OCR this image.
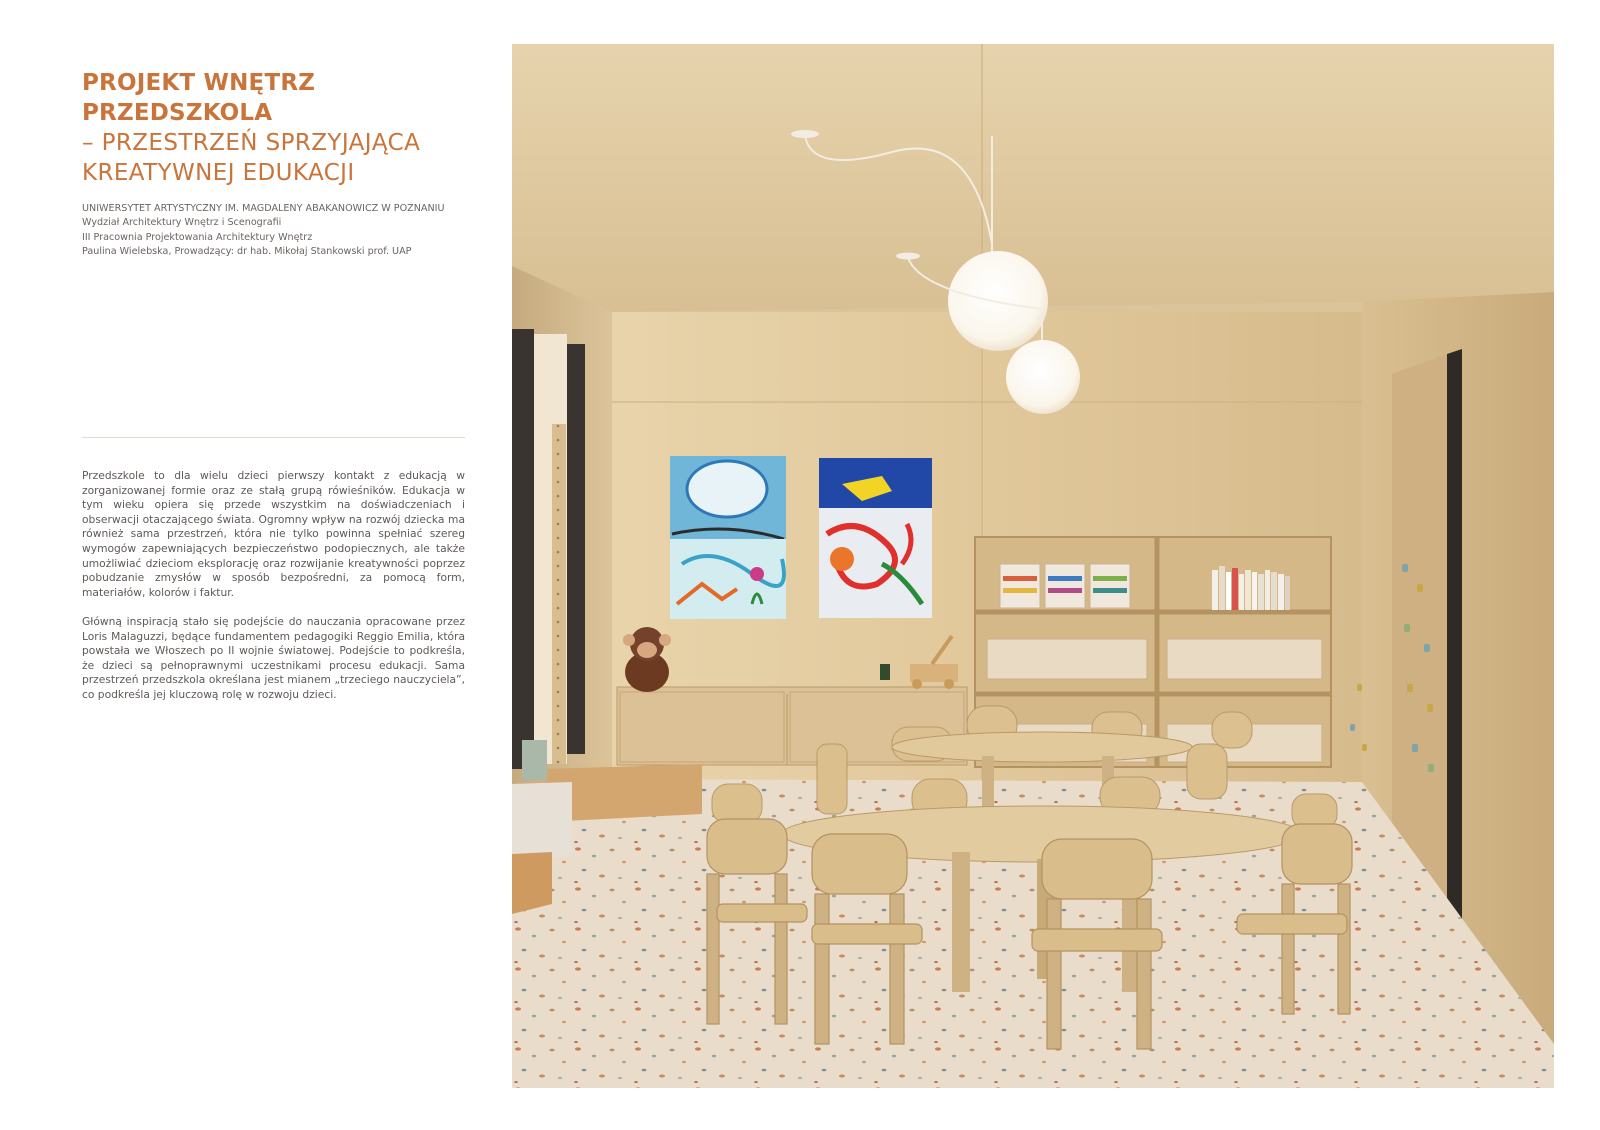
PROJEKT WNĘTRZ PRZEDSZKOLA
– PRZESTRZEŃ SPRZYJAJĄCA
KREATYWNEJ EDUKACJI
UNIWERSYTET ARTYSTYCZNY IM. MAGDALENY ABAKANOWICZ W POZNANIU
Wydział Architektury Wnętrz i Scenografii
III Pracownia Projektowania Architektury Wnętrz
Paulina Wielebska, Prowadzący: dr hab. Mikołaj Stankowski prof. UAP

Przedszkole to dla wielu dzieci pierwszy kontakt z edukacją w zorganizowanej formie oraz ze stałą grupą rówieśników. Edukacja w tym wieku opiera się przede wszystkim na doświadczeniach i obserwacji otaczającego świata. Ogromny wpływ na rozwój dziecka ma również sama przestrzeń, która nie tylko powinna spełniać szereg wymogów zapewniających bezpieczeństwo podopiecznych, ale także umożliwiać dzieciom eksplorację oraz rozwijanie kreatywności poprzez pobudzanie zmysłów w sposób bezpośredni, za pomocą form, materiałów, kolorów i faktur.

Główną inspiracją stało się podejście do nauczania opracowane przez Loris Malaguzzi, będące fundamentem pedagogiki Reggio Emilia, która powstała we Włoszech po II wojnie światowej. Podejście to podkreśla, że dzieci są pełnoprawnymi uczestnikami procesu edukacji. Sama przestrzeń przedszkola określana jest mianem „trzeciego nauczyciela”, co podkreśla jej kluczową rolę w rozwoju dzieci.
